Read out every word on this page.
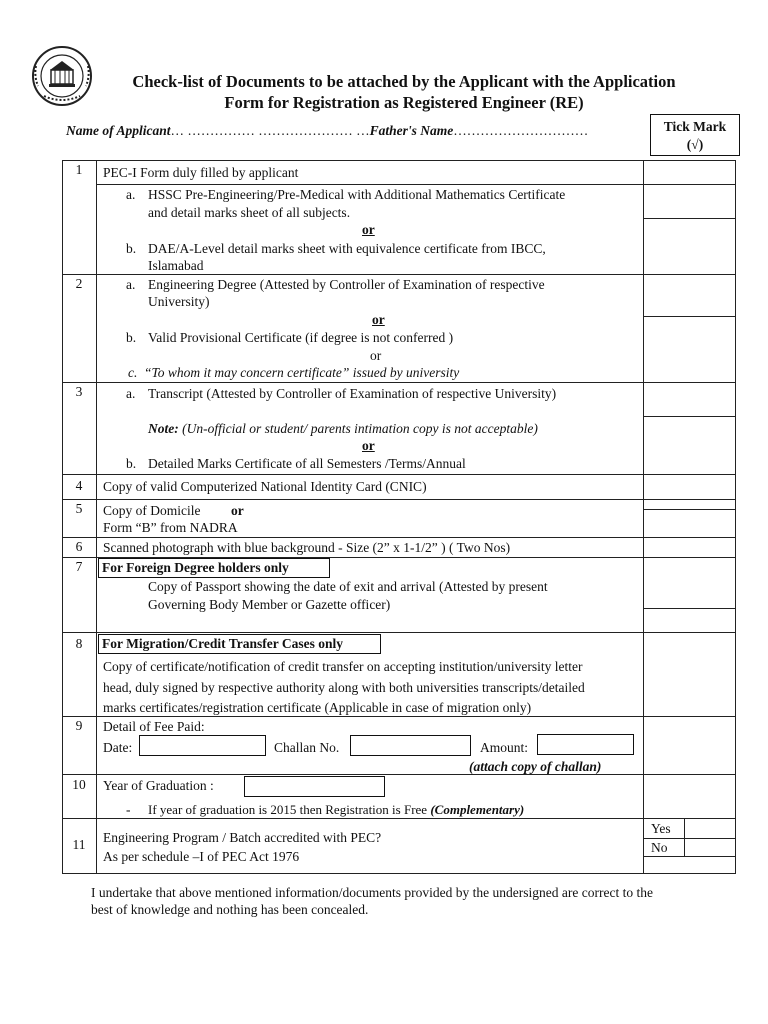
Check-list of Documents to be attached by the Applicant with the Application
Form for Registration as Registered Engineer (RE)
Name of Applicant… …………… ………………… …Father's Name…………………………	Tick Mark
(√)
1	PEC-I Form duly filled by applicant
a. HSSC Pre-Engineering/Pre-Medical with Additional Mathematics Certificate
and detail marks sheet of all subjects.
or
b. DAE/A-Level detail marks sheet with equivalence certificate from IBCC,
Islamabad
2	a. Engineering Degree (Attested by Controller of Examination of respective
University)
or
b. Valid Provisional Certificate (if degree is not conferred )
or
c. “To whom it may concern certificate” issued by university
3	a. Transcript (Attested by Controller of Examination of respective University)
Note: (Un-official or student/ parents intimation copy is not acceptable)
or
b. Detailed Marks Certificate of all Semesters /Terms/Annual
4	Copy of valid Computerized National Identity Card (CNIC)
5	Copy of Domicile or
Form “B” from NADRA
6	Scanned photograph with blue background - Size (2” x 1-1/2” ) ( Two Nos)
7	For Foreign Degree holders only
Copy of Passport showing the date of exit and arrival (Attested by present
Governing Body Member or Gazette officer)
8	For Migration/Credit Transfer Cases only
Copy of certificate/notification of credit transfer on accepting institution/university letter
head, duly signed by respective authority along with both universities transcripts/detailed
marks certificates/registration certificate (Applicable in case of migration only)
9	Detail of Fee Paid:
Date:	Challan No.	Amount:
(attach copy of challan)
10	Year of Graduation :
- If year of graduation is 2015 then Registration is Free (Complementary)
11	Engineering Program / Batch accredited with PEC?
As per schedule –I of PEC Act 1976
Yes
No
I undertake that above mentioned information/documents provided by the undersigned are correct to the best of knowledge and nothing has been concealed.
